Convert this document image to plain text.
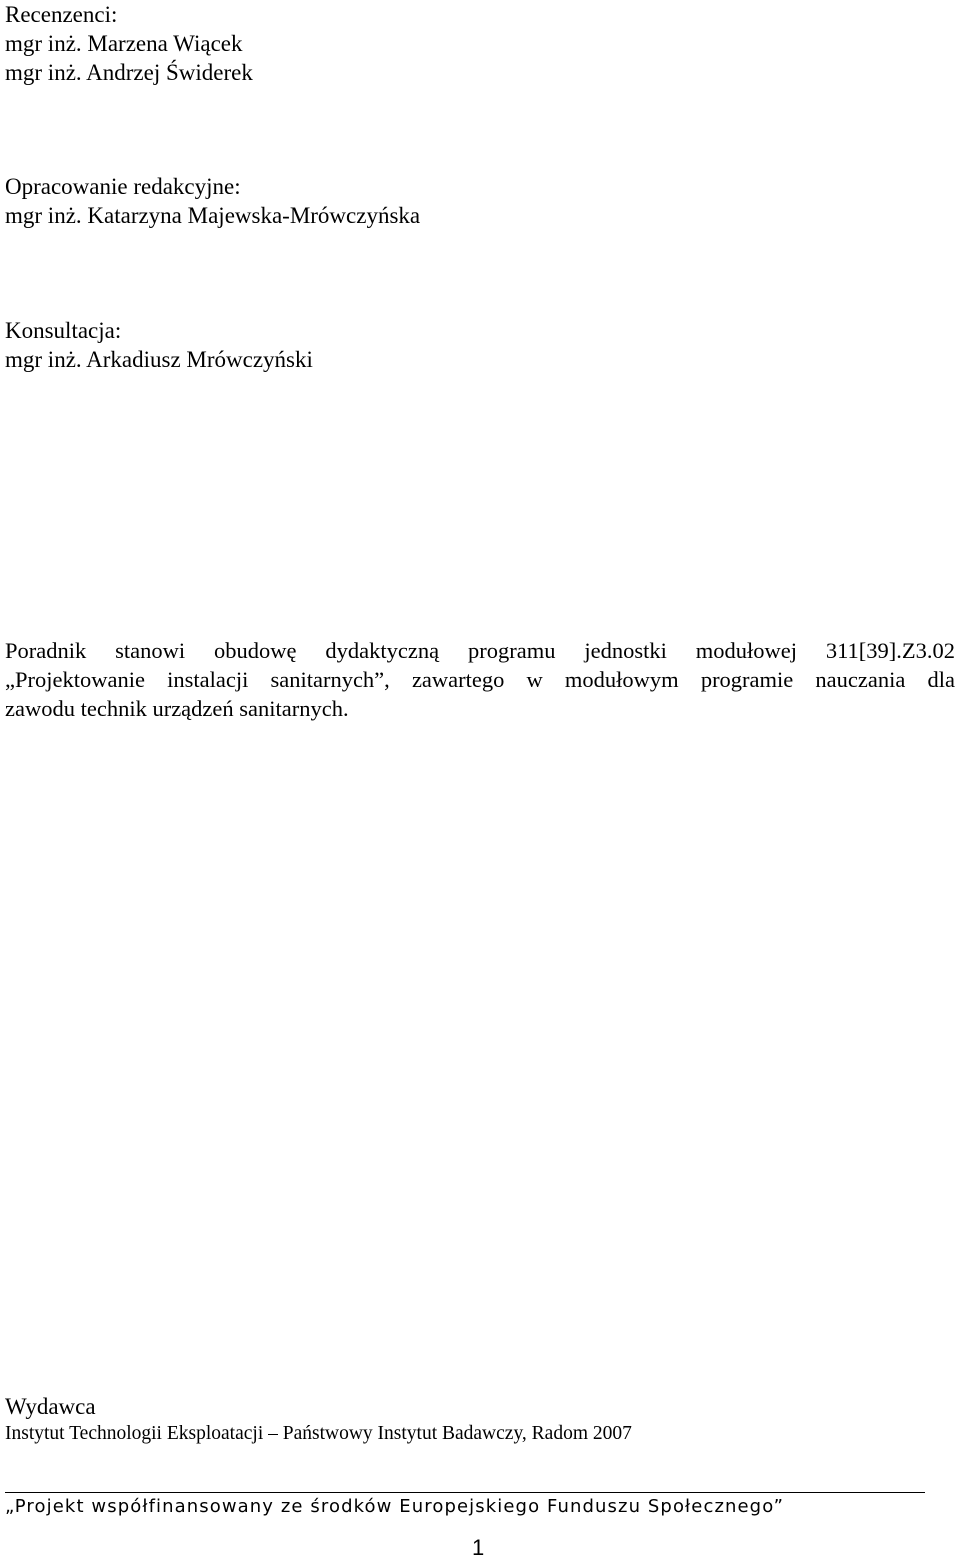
Recenzenci:
mgr inż. Marzena Wiącek
mgr inż. Andrzej Świderek
Opracowanie redakcyjne:
mgr inż. Katarzyna Majewska-Mrówczyńska
Konsultacja:
mgr inż. Arkadiusz Mrówczyński
Poradnik stanowi obudowę dydaktyczną programu jednostki modułowej 311[39].Z3.02
„Projektowanie instalacji sanitarnych”, zawartego w modułowym programie nauczania dla
zawodu technik urządzeń sanitarnych.
Wydawca
Instytut Technologii Eksploatacji – Państwowy Instytut Badawczy, Radom 2007
„Projekt współfinansowany ze środków Europejskiego Funduszu Społecznego”
1
